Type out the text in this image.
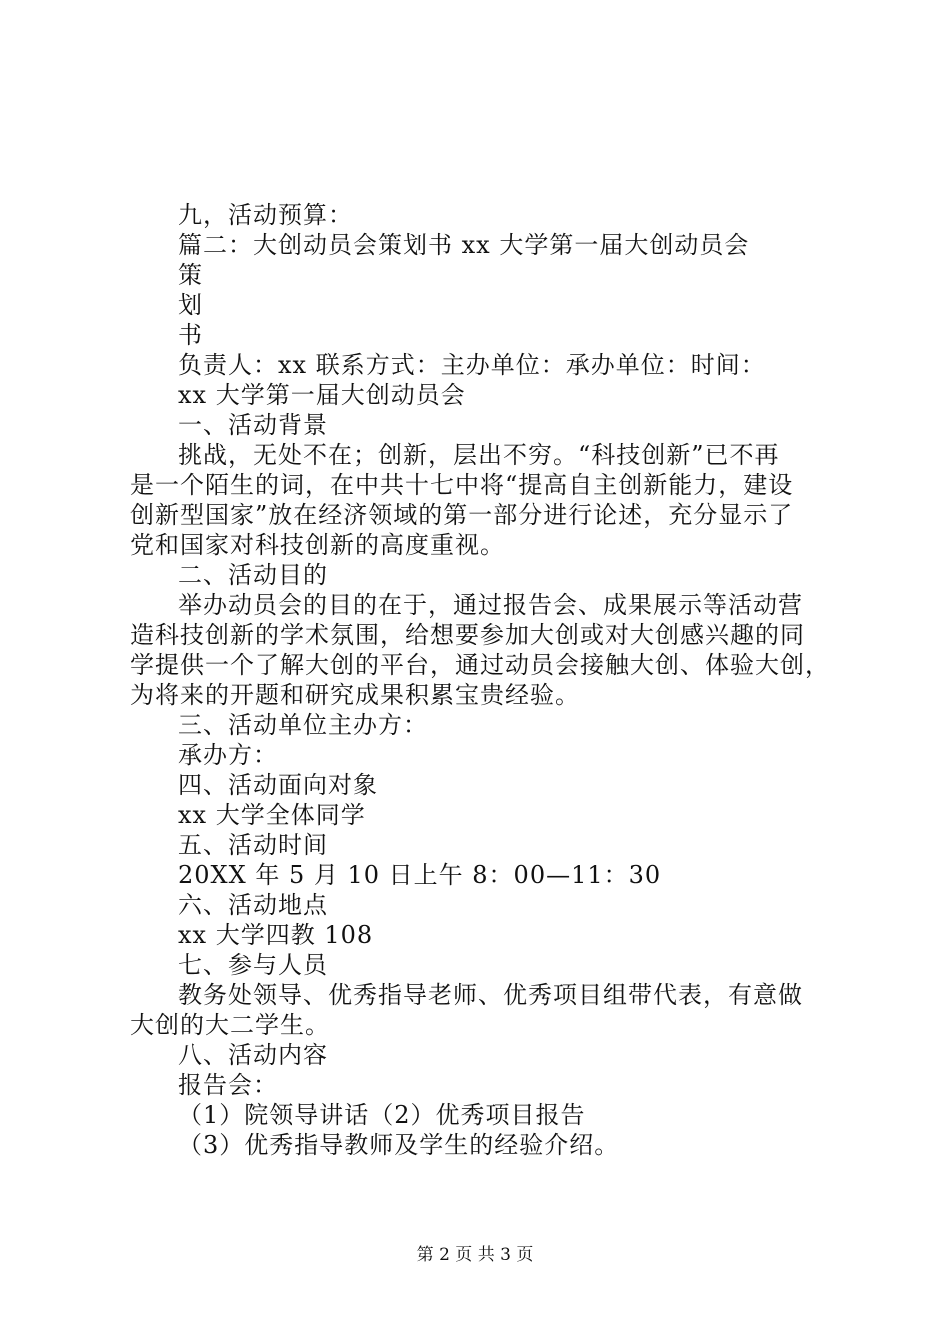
九，活动预算：
篇二：大创动员会策划书 xx 大学第一届大创动员会
策
划
书
负责人：xx 联系方式：主办单位：承办单位：时间：
xx 大学第一届大创动员会
一、活动背景
挑战，无处不在；创新，层出不穷。“科技创新”已不再
是一个陌生的词，在中共十七中将“提高自主创新能力，建设
创新型国家”放在经济领域的第一部分进行论述，充分显示了
党和国家对科技创新的高度重视。
二、活动目的
举办动员会的目的在于，通过报告会、成果展示等活动营
造科技创新的学术氛围，给想要参加大创或对大创感兴趣的同
学提供一个了解大创的平台，通过动员会接触大创、体验大创，
为将来的开题和研究成果积累宝贵经验。
三、活动单位主办方：
承办方：
四、活动面向对象
xx 大学全体同学
五、活动时间
20XX 年 5 月 10 日上午 8：00—11：30
六、活动地点
xx 大学四教 108
七、参与人员
教务处领导、优秀指导老师、优秀项目组带代表，有意做
大创的大二学生。
八、活动内容
报告会：
（1）院领导讲话（2）优秀项目报告
（3）优秀指导教师及学生的经验介绍。
第 2 页 共 3 页
